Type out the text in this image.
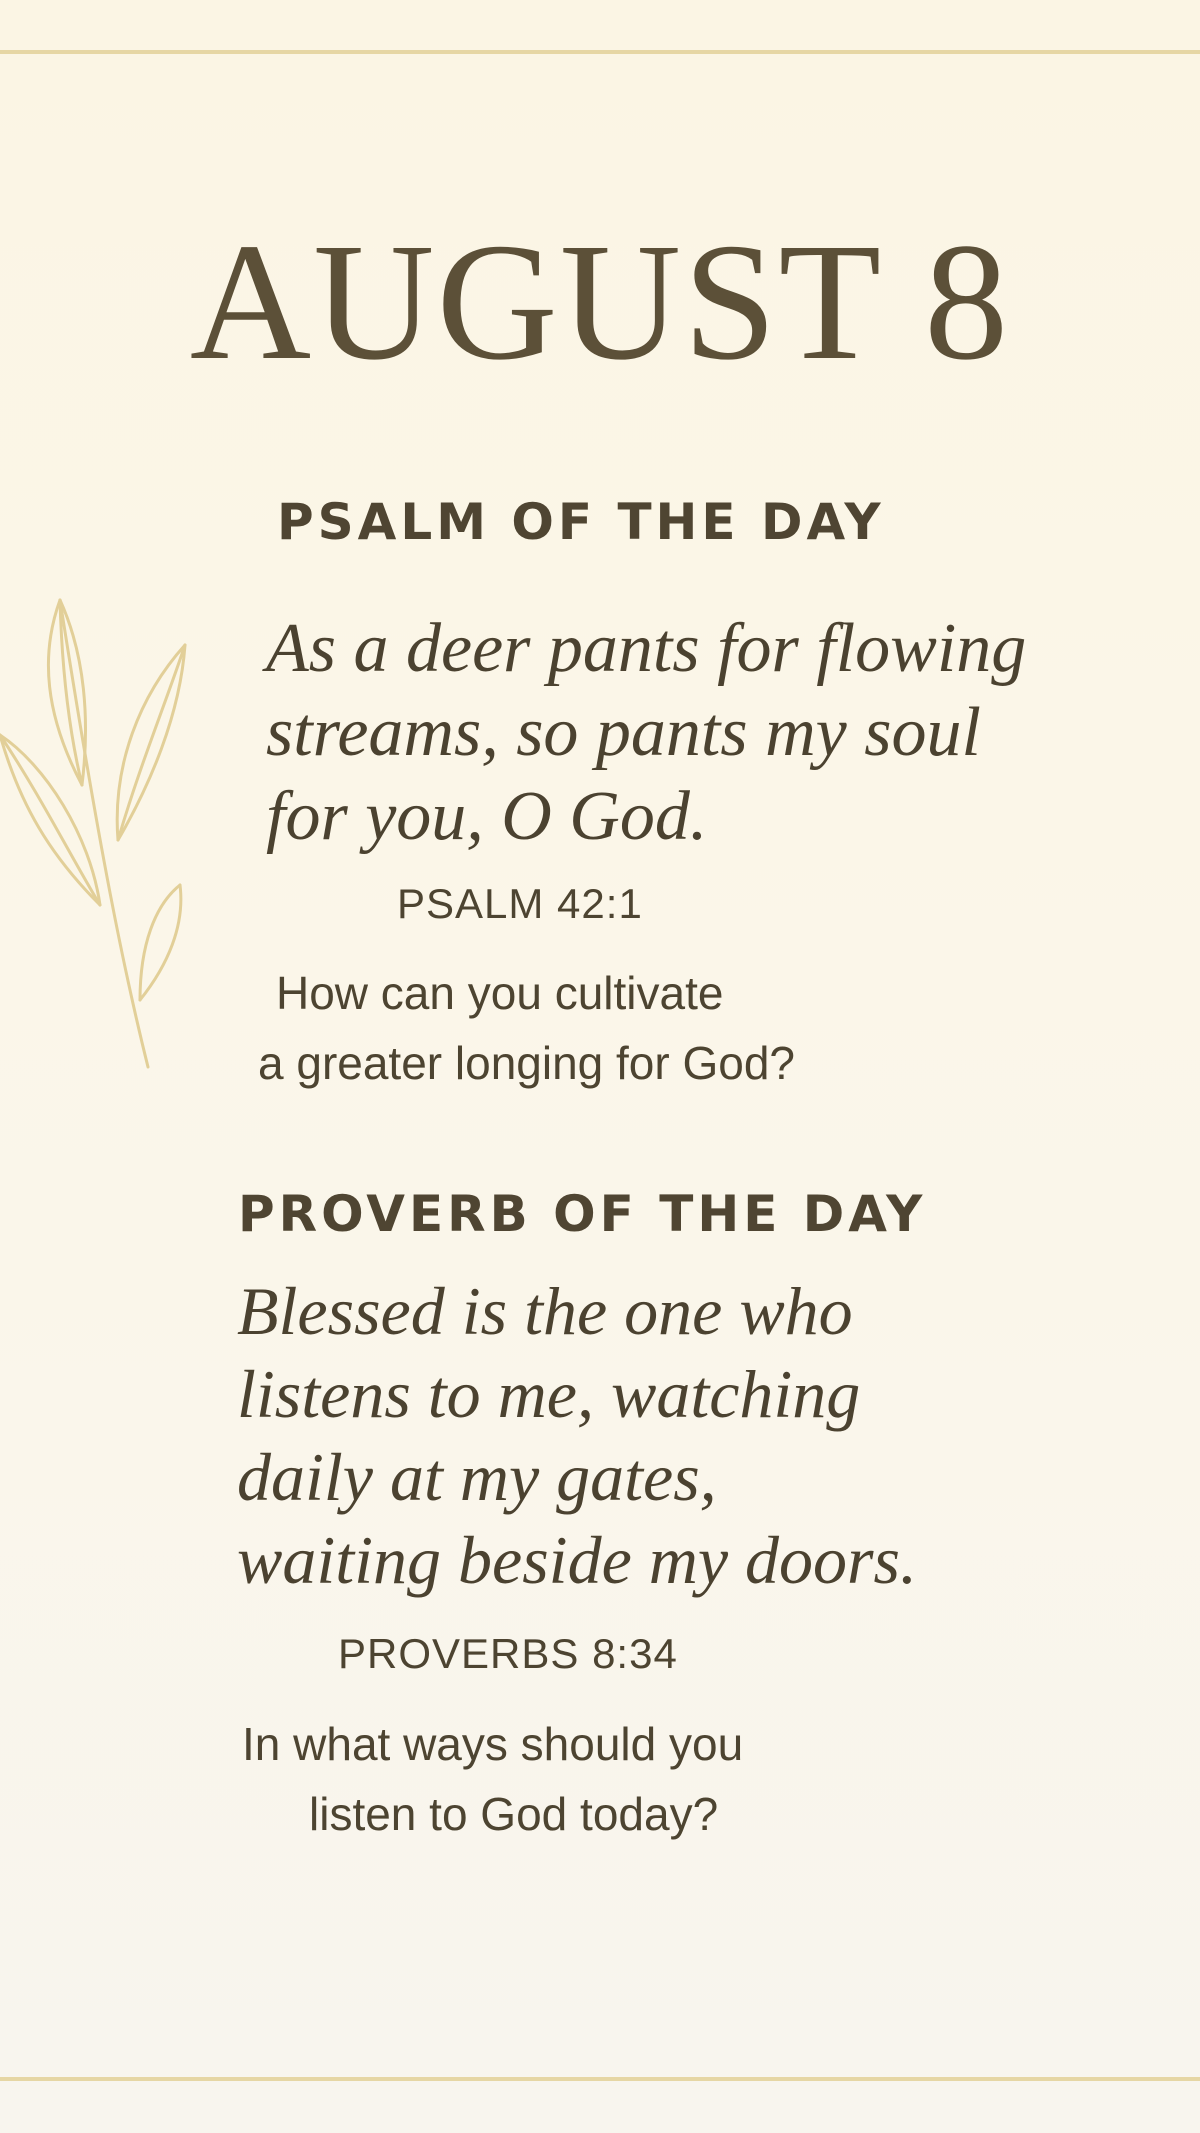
AUGUST 8
PSALM OF THE DAY
As a deer pants for flowing
streams, so pants my soul
for you, O God.
PSALM 42:1
How can you cultivate
a greater longing for God?
PROVERB OF THE DAY
Blessed is the one who
listens to me, watching
daily at my gates,
waiting beside my doors.
PROVERBS 8:34
In what ways should you
listen to God today?
